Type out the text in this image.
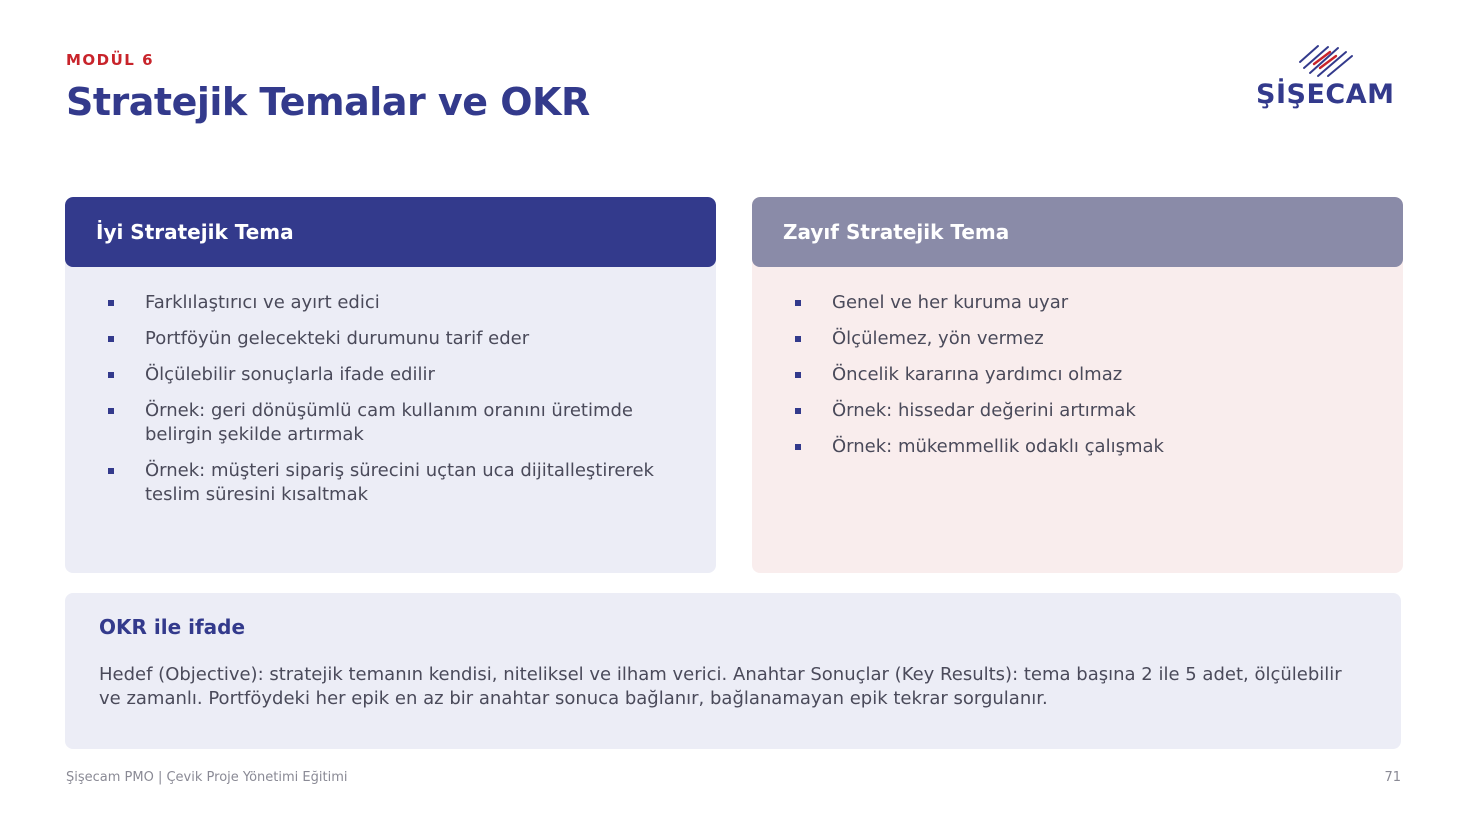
MODÜL 6
Stratejik Temalar ve OKR	ŞİŞECAM
İyi Stratejik Tema
Farklılaştırıcı ve ayırt edici
Portföyün gelecekteki durumunu tarif eder
Ölçülebilir sonuçlarla ifade edilir
Örnek: geri dönüşümlü cam kullanım oranını üretimde belirgin şekilde artırmak
Örnek: müşteri sipariş sürecini uçtan uca dijitalleştirerek teslim süresini kısaltmak
Zayıf Stratejik Tema
Genel ve her kuruma uyar
Ölçülemez, yön vermez
Öncelik kararına yardımcı olmaz
Örnek: hissedar değerini artırmak
Örnek: mükemmellik odaklı çalışmak

OKR ile ifade

Hedef (Objective): stratejik temanın kendisi, niteliksel ve ilham verici. Anahtar Sonuçlar (Key Results): tema başına 2 ile 5 adet, ölçülebilir ve zamanlı. Portföydeki her epik en az bir anahtar sonuca bağlanır, bağlanamayan epik tekrar sorgulanır.

Şişecam PMO | Çevik Proje Yönetimi Eğitimi	71
